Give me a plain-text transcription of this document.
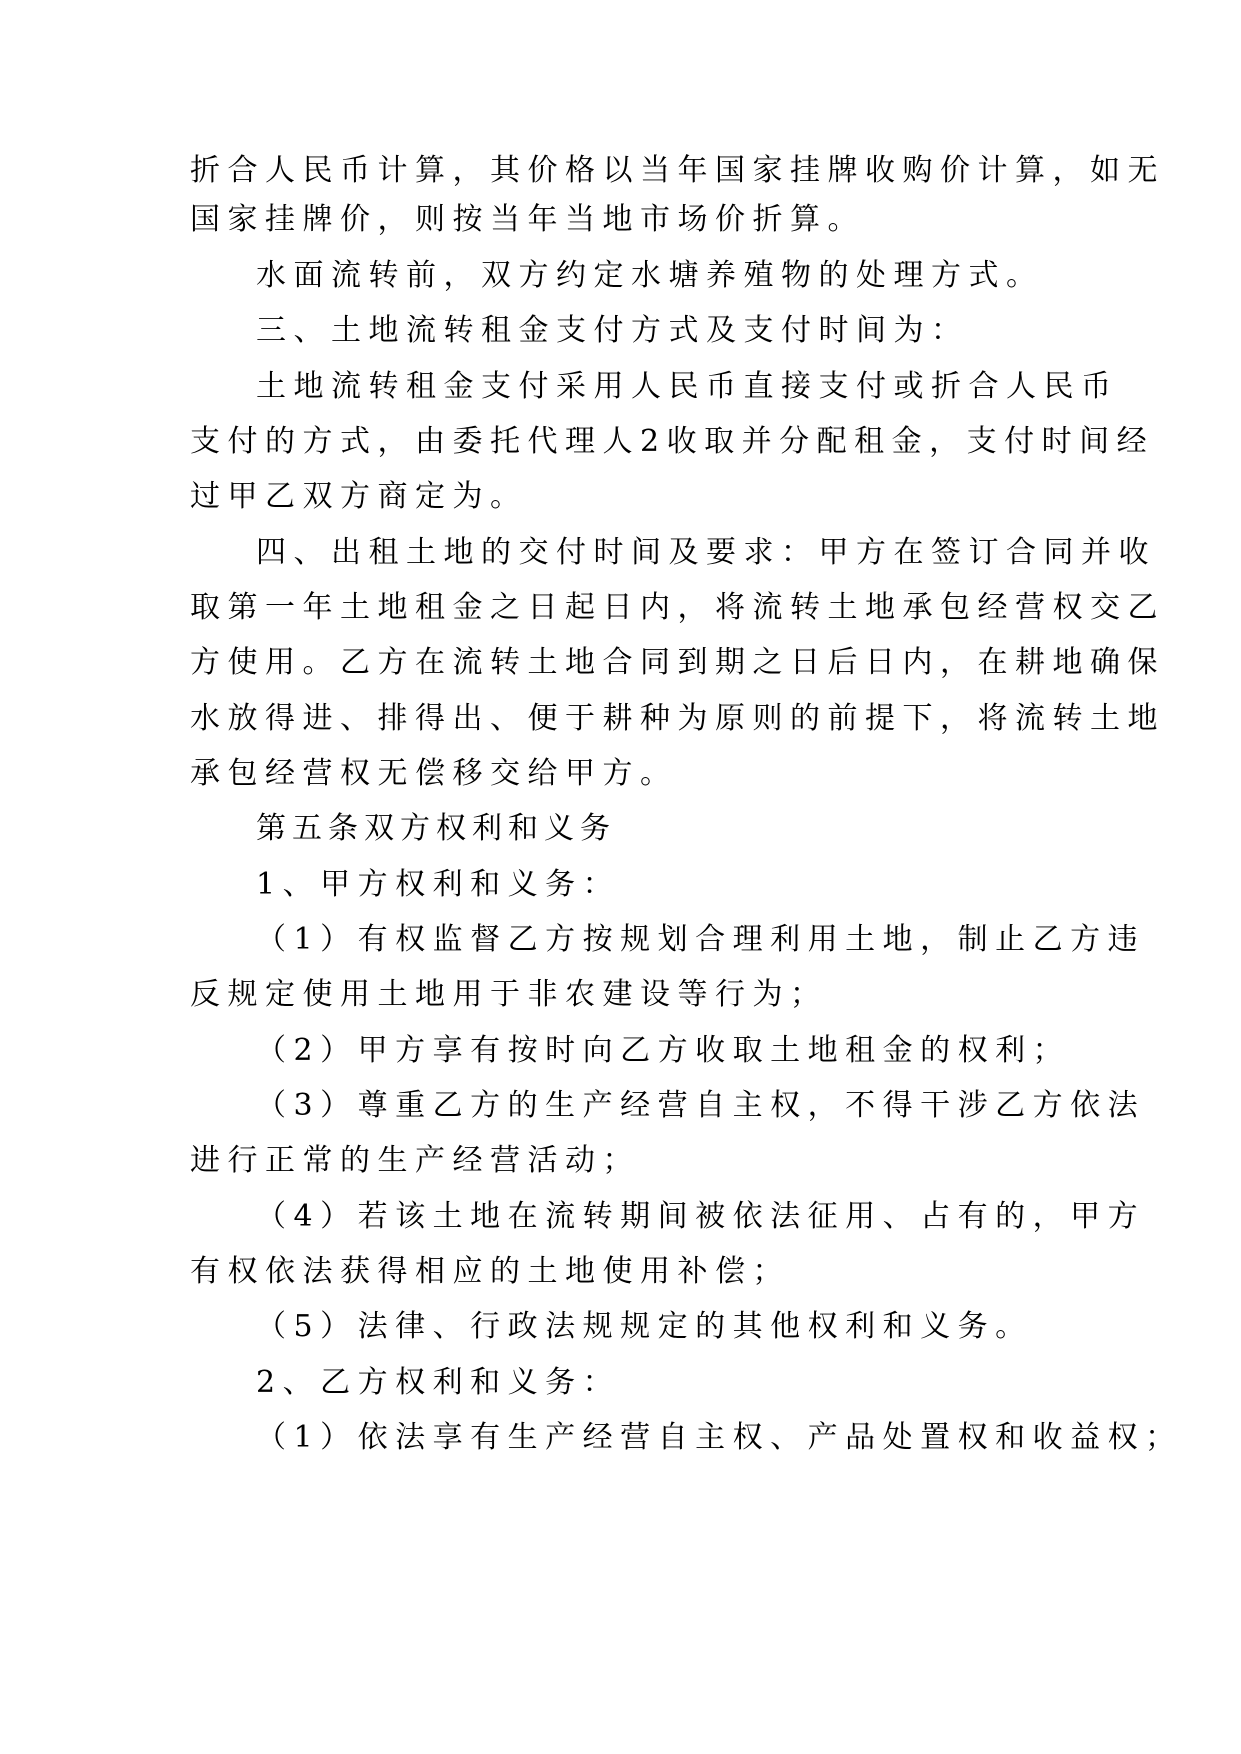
折合人民币计算，其价格以当年国家挂牌收购价计算，如无

国家挂牌价，则按当年当地市场价折算。

水面流转前，双方约定水塘养殖物的处理方式。

三、土地流转租金支付方式及支付时间为：

土地流转租金支付采用人民币直接支付或折合人民币

支付的方式，由委托代理人2收取并分配租金，支付时间经

过甲乙双方商定为。

四、出租土地的交付时间及要求：甲方在签订合同并收

取第一年土地租金之日起日内，将流转土地承包经营权交乙

方使用。乙方在流转土地合同到期之日后日内，在耕地确保

水放得进、排得出、便于耕种为原则的前提下，将流转土地

承包经营权无偿移交给甲方。

第五条双方权利和义务

1、甲方权利和义务：

（1）有权监督乙方按规划合理利用土地，制止乙方违

反规定使用土地用于非农建设等行为；

（2）甲方享有按时向乙方收取土地租金的权利；

（3）尊重乙方的生产经营自主权，不得干涉乙方依法

进行正常的生产经营活动；

（4）若该土地在流转期间被依法征用、占有的，甲方

有权依法获得相应的土地使用补偿；

（5）法律、行政法规规定的其他权利和义务。

2、乙方权利和义务：

（1）依法享有生产经营自主权、产品处置权和收益权；
